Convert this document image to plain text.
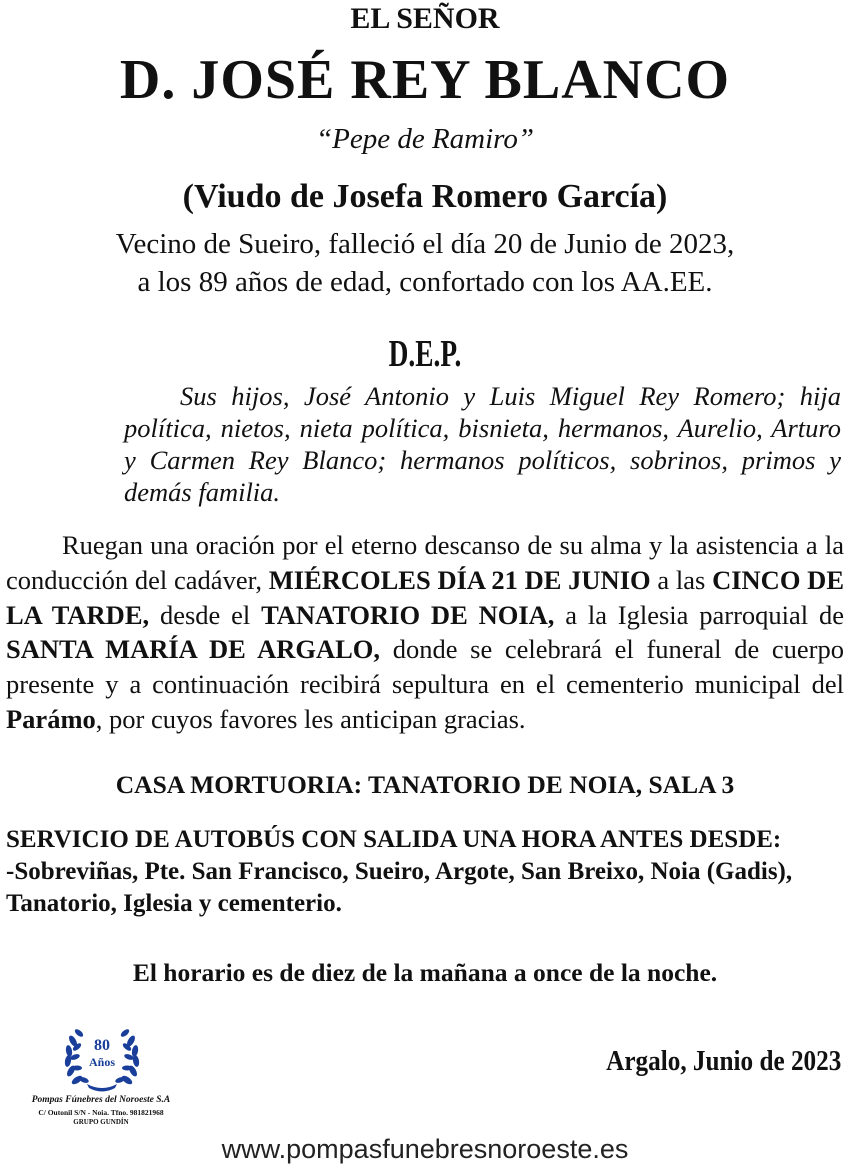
EL SEÑOR
D. JOSÉ REY BLANCO
“Pepe de Ramiro”
(Viudo de Josefa Romero García)
Vecino de Sueiro, falleció el día 20 de Junio de 2023,
a los 89 años de edad, confortado con los AA.EE.
D.E.P.
Sus hijos, José Antonio y Luis Miguel Rey Romero; hija política, nietos, nieta política, bisnieta, hermanos, Aurelio, Arturo y Carmen Rey Blanco; hermanos políticos, sobrinos, primos y demás familia.
Ruegan una oración por el eterno descanso de su alma y la asistencia a la conducción del cadáver, MIÉRCOLES DÍA 21 DE JUNIO a las CINCO DE LA TARDE, desde el TANATORIO DE NOIA, a la Iglesia parroquial de SANTA MARÍA DE ARGALO, donde se celebrará el funeral de cuerpo presente y a continuación recibirá sepultura en el cementerio municipal del Parámo, por cuyos favores les anticipan gracias.
CASA MORTUORIA: TANATORIO DE NOIA, SALA 3
SERVICIO DE AUTOBÚS CON SALIDA UNA HORA ANTES DESDE:
-Sobreviñas, Pte. San Francisco, Sueiro, Argote, San Breixo, Noia (Gadis),
Tanatorio, Iglesia y cementerio.
El horario es de diez de la mañana a once de la noche.
Argalo, Junio de 2023
80
Años
Pompas Fúnebres del Noroeste S.A
C/ Outonil S/N - Noia. Tfno. 981821968
GRUPO GUNDÍN
www.pompasfunebresnoroeste.es
